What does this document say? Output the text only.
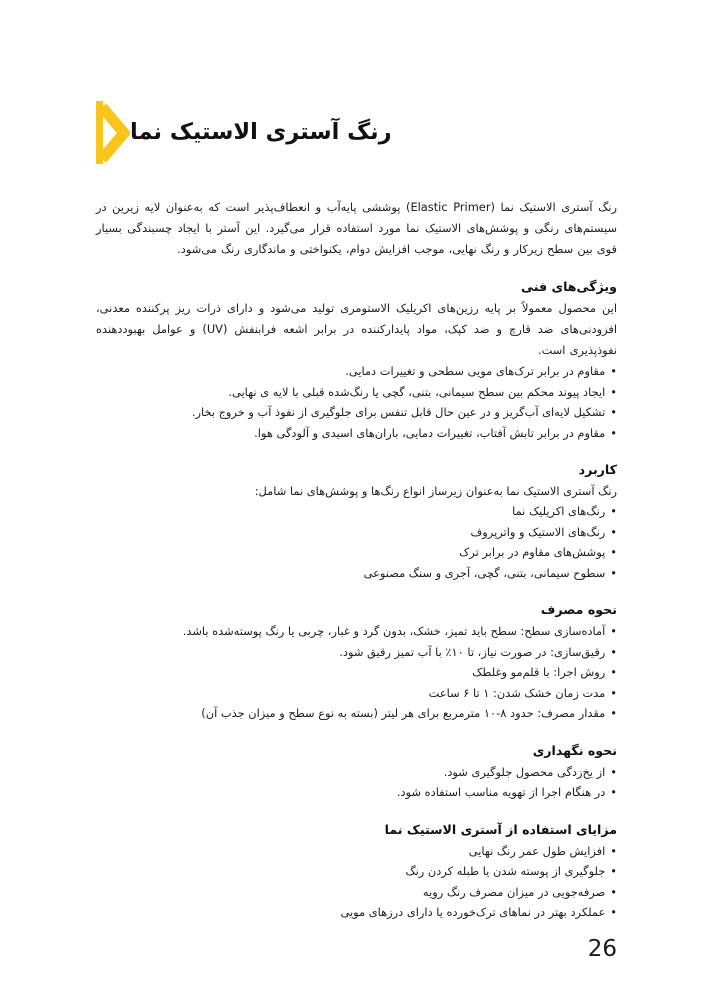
رنگ آستری الاستیک نما

رنگ آستری الاستیک نما (Elastic Primer) پوششی پایه‌آب و انعطاف‌پذیر است که به‌عنوان لایه زیرین در سیستم‌های رنگی و پوشش‌های الاستیک نما مورد استفاده قرار می‌گیرد. این آستر با ایجاد چسبندگی بسیار قوی بین سطح زیرکار و رنگ نهایی، موجب افزایش دوام، یکنواختی و ماندگاری رنگ می‌شود.

ویژگی‌های فنی

این محصول معمولاً بر پایه رزین‌های اکریلیک الاستومری تولید می‌شود و دارای ذرات ریز پرکننده معدنی، افزودنی‌های ضد قارچ و ضد کپک، مواد پایدارکننده در برابر اشعه فرابنفش (UV) و عوامل بهبوددهنده نفوذپذیری است.

•مقاوم در برابر ترک‌های مویی سطحی و تغییرات دمایی.
•ایجاد پیوند محکم بین سطح سیمانی، بتنی، گچی یا رنگ‌شده قبلی با لایه ی نهایی.
•تشکیل لایه‌ای آب‌گریز و در عین حال قابل تنفس برای جلوگیری از نفوذ آب و خروج بخار.
•مقاوم در برابر تابش آفتاب، تغییرات دمایی، باران‌های اسیدی و آلودگی هوا.
کاربرد

رنگ آستری الاستیک نما به‌عنوان زیرساز انواع رنگ‌ها و پوشش‌های نما شامل:

•رنگ‌های اکریلیک نما
•رنگ‌های الاستیک و واترپروف
•پوشش‌های مقاوم در برابر ترک
•سطوح سیمانی، بتنی، گچی، آجری و سنگ مصنوعی
نحوه مصرف
•آماده‌سازی سطح: سطح باید تمیز، خشک، بدون گرد و غبار، چربی یا رنگ پوسته‌شده باشد.
•رقیق‌سازی: در صورت نیاز، تا ۱۰٪ با آب تمیز رقیق شود.
•روش اجرا: با قلم‌مو وغلطک
•مدت زمان خشک شدن: ۱ تا ۶ ساعت
•مقدار مصرف: حدود ۸-۱۰ مترمربع برای هر لیتر (بسته به نوع سطح و میزان جذب آن)
نحوه نگهداری
•از یخ‌زدگی محصول جلوگیری شود.
•در هنگام اجرا از تهویه مناسب استفاده شود.
مزایای استفاده از آستری الاستیک نما
•افزایش طول عمر رنگ نهایی
•جلوگیری از پوسته شدن یا طبله کردن رنگ
•صرفه‌جویی در میزان مصرف رنگ رویه
•عملکرد بهتر در نماهای ترک‌خورده یا دارای درزهای مویی
26
